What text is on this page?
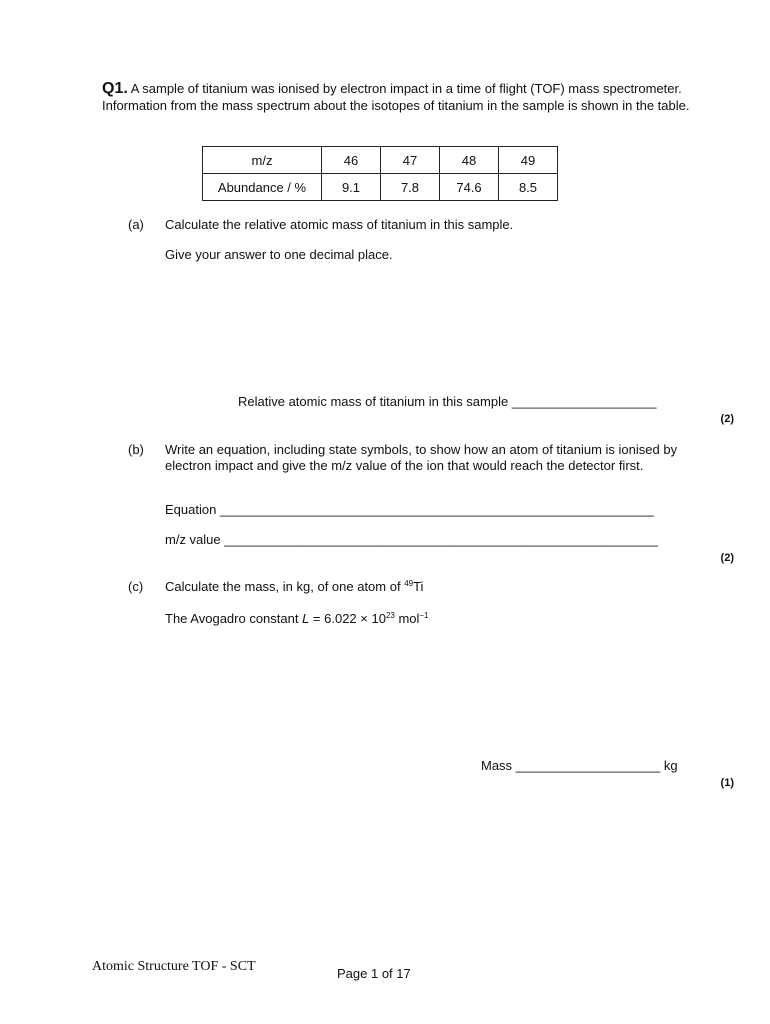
Q1. A sample of titanium was ionised by electron impact in a time of flight (TOF) mass spectrometer. Information from the mass spectrum about the isotopes of titanium in the sample is shown in the table.
m/z	46	47	48	49
Abundance / %	9.1	7.8	74.6	8.5
(a) Calculate the relative atomic mass of titanium in this sample.
Give your answer to one decimal place.
Relative atomic mass of titanium in this sample ____________________
(2)
(b) Write an equation, including state symbols, to show how an atom of titanium is ionised by electron impact and give the m/z value of the ion that would reach the detector first.
Equation ____________________________________________________________
m/z value ____________________________________________________________
(2)
(c) Calculate the mass, in kg, of one atom of $^{49}$Ti
The Avogadro constant $L = 6.022 \times 10^{23}$ mol$^{-1}$
Mass ____________________ kg
(1)
Atomic Structure TOF - SCT	Page 1 of 17
